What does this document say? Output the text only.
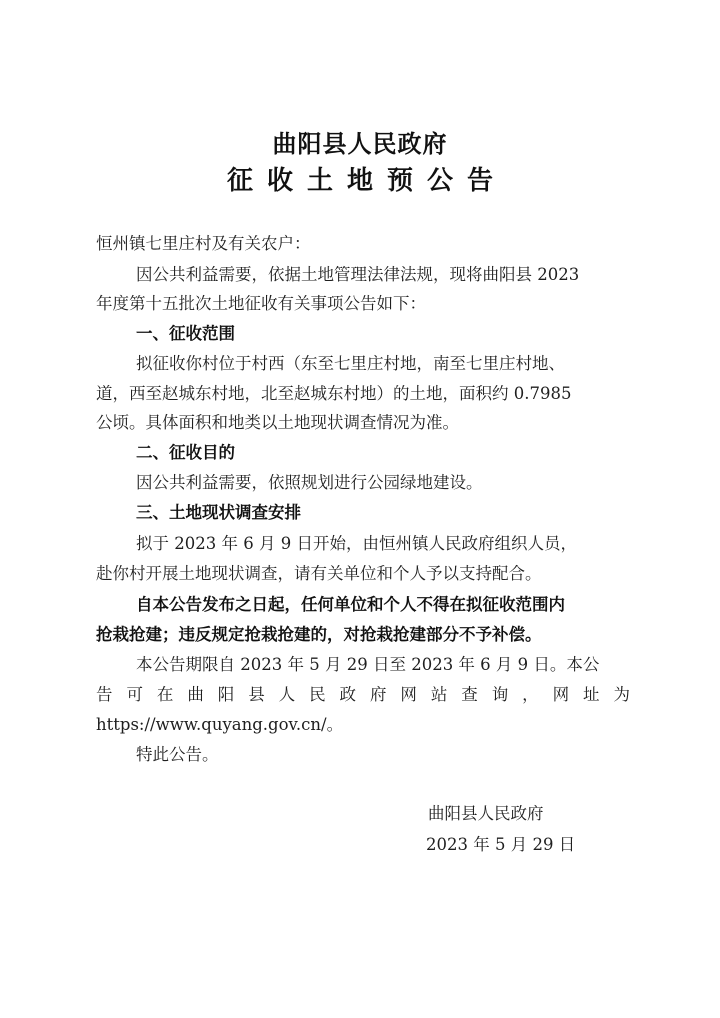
曲阳县人民政府
征收土地预公告
恒州镇七里庄村及有关农户：
因公共利益需要，依据土地管理法律法规，现将曲阳县 2023
年度第十五批次土地征收有关事项公告如下：
一、征收范围
拟征收你村位于村西（东至七里庄村地，南至七里庄村地、
道，西至赵城东村地，北至赵城东村地）的土地，面积约 0.7985
公顷。具体面积和地类以土地现状调查情况为准。
二、征收目的
因公共利益需要，依照规划进行公园绿地建设。
三、土地现状调查安排
拟于 2023 年 6 月 9 日开始，由恒州镇人民政府组织人员，
赴你村开展土地现状调查，请有关单位和个人予以支持配合。
自本公告发布之日起，任何单位和个人不得在拟征收范围内
抢栽抢建；违反规定抢栽抢建的，对抢栽抢建部分不予补偿。
本公告期限自 2023 年 5 月 29 日至 2023 年 6 月 9 日。本公
告 可 在 曲 阳 县 人 民 政 府 网 站 查 询 ， 网 址 为
https://www.quyang.gov.cn/。
特此公告。
曲阳县人民政府
2023 年 5 月 29 日
